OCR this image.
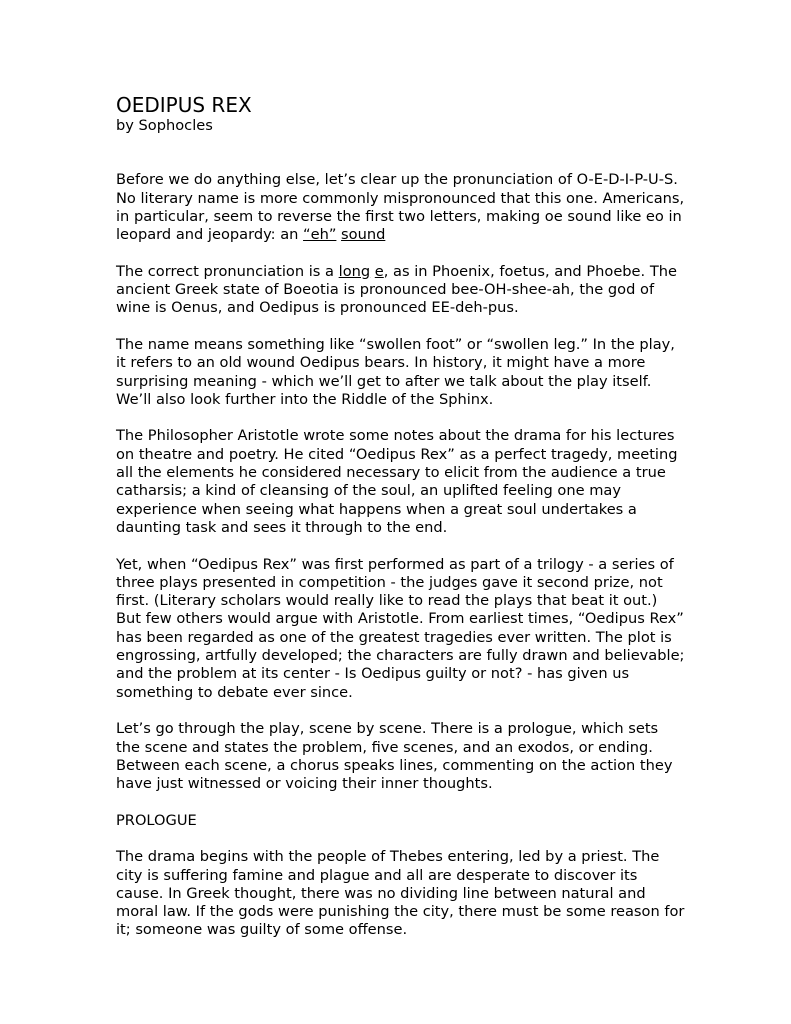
OEDIPUS REX

by Sophocles

Before we do anything else, let’s clear up the pronunciation of O-E-D-I-P-U-S. No literary name is more commonly mispronounced that this one. Americans, in particular, seem to reverse the first two letters, making oe sound like eo in leopard and jeopardy: an “eh” sound

The correct pronunciation is a long e, as in Phoenix, foetus, and Phoebe. The ancient Greek state of Boeotia is pronounced bee-OH-shee-ah, the god of wine is Oenus, and Oedipus is pronounced EE-deh-pus.

The name means something like “swollen foot” or “swollen leg.” In the play, it refers to an old wound Oedipus bears. In history, it might have a more surprising meaning - which we’ll get to after we talk about the play itself. We’ll also look further into the Riddle of the Sphinx.

The Philosopher Aristotle wrote some notes about the drama for his lectures on theatre and poetry. He cited “Oedipus Rex” as a perfect tragedy, meeting all the elements he considered necessary to elicit from the audience a true catharsis; a kind of cleansing of the soul, an uplifted feeling one may experience when seeing what happens when a great soul undertakes a daunting task and sees it through to the end.

Yet, when “Oedipus Rex” was first performed as part of a trilogy - a series of three plays presented in competition - the judges gave it second prize, not first. (Literary scholars would really like to read the plays that beat it out.) But few others would argue with Aristotle. From earliest times, “Oedipus Rex” has been regarded as one of the greatest tragedies ever written. The plot is engrossing, artfully developed; the characters are fully drawn and believable; and the problem at its center - Is Oedipus guilty or not? - has given us something to debate ever since.

Let’s go through the play, scene by scene. There is a prologue, which sets the scene and states the problem, five scenes, and an exodos, or ending. Between each scene, a chorus speaks lines, commenting on the action they have just witnessed or voicing their inner thoughts.

PROLOGUE

The drama begins with the people of Thebes entering, led by a priest. The city is suffering famine and plague and all are desperate to discover its cause. In Greek thought, there was no dividing line between natural and moral law. If the gods were punishing the city, there must be some reason for it; someone was guilty of some offense.
